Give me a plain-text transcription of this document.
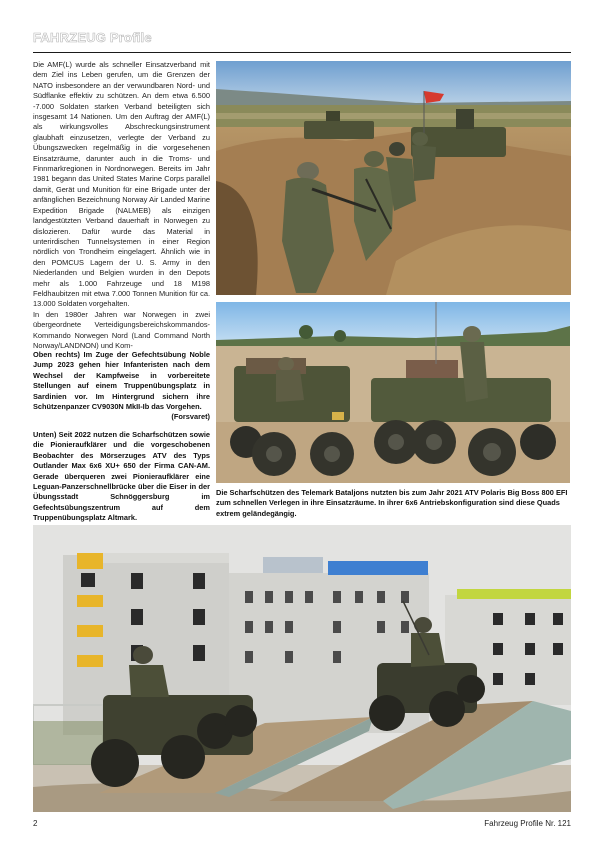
FAHRZEUG Profile

Die AMF(L) wurde als schneller Einsatzverband mit dem Ziel ins Leben gerufen, um die Grenzen der NATO insbesondere an der verwundbaren Nord- und Südflanke effektiv zu schützen. An dem etwa 6.500 -7.000 Soldaten starken Verband beteiligten sich insgesamt 14 Nationen. Um den Auftrag der AMF(L) als wirkungsvolles Abschreckungsinstrument glaubhaft einzusetzen, verlegte der Verband zu Übungszwecken regelmäßig in die vorgesehenen Einsatzräume, darunter auch in die Troms- und Finnmarkregionen in Nordnorwegen. Bereits im Jahr 1981 begann das United States Marine Corps parallel damit, Gerät und Munition für eine Brigade unter der anfänglichen Bezeichnung Norway Air Landed Marine Expedition Brigade (NALMEB) als einzigen landgestützten Verband dauerhaft in Norwegen zu dislozieren. Dafür wurde das Material in unterirdischen Tunnelsystemen in einer Region nördlich von Trondheim eingelagert. Ähnlich wie in den POMCUS Lagern der U. S. Army in den Niederlanden und Belgien wurden in den Depots mehr als 1.000 Fahrzeuge und 18 M198 Feldhaubitzen mit etwa 7.000 Tonnen Munition für ca. 13.000 Soldaten vorgehalten.

In den 1980er Jahren war Norwegen in zwei übergeordnete Verteidigungsbereichskommandos- Kommando Norwegen Nord (Land Command North Norway/LANDNON) und Kom-

Oben rechts) Im Zuge der Gefechtsübung Noble Jump 2023 gehen hier Infanteristen nach dem Wechsel der Kampfweise in vorbereitete Stellungen auf einem Truppenübungsplatz in Sardinien vor. Im Hintergrund sichern ihre Schützenpanzer CV9030N MkII-Ib das Vorgehen.
(Forsvaret)
Unten) Seit 2022 nutzen die Scharfschützen sowie die Pionieraufklärer und die vorgeschobenen Beobachter des Mörserzuges ATV des Typs Outlander Max 6x6 XU+ 650 der Firma CAN-AM. Gerade überqueren zwei Pionieraufklärer eine Leguan-Panzerschnellbrücke über die Eiser in der Übungsstadt Schnöggersburg im Gefechtsübungszentrum auf dem Truppenübungsplatz Altmark.
Die Scharfschützen des Telemark Bataljons nutzten bis zum Jahr 2021 ATV Polaris Big Boss 800 EFI zum schnellen Verlegen in ihre Einsatzräume. In ihrer 6x6 Antriebskonfiguration sind diese Quads extrem geländegängig.
2	Fahrzeug Profile Nr. 121
